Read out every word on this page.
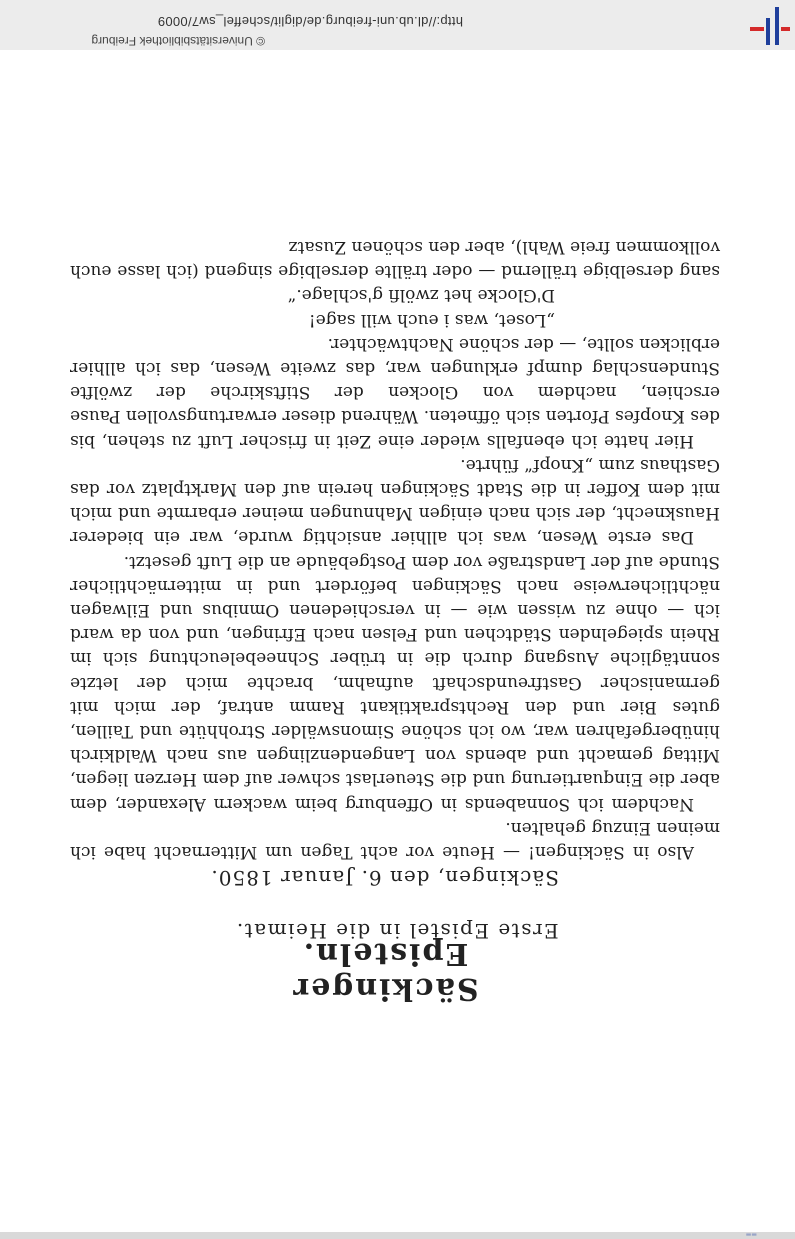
▬▬
© Universitätsbibliothek Freiburg
http://dl.ub.uni-freiburg.de/diglit/scheffel_sw7/0009
Säckinger Episteln.
Erste Epistel in die Heimat.
Säckingen, den 6. Januar 1850.

Also in Säckingen! — Heute vor acht Tagen um Mitternacht habe ich meinen Einzug gehalten.

Nachdem ich Sonnabends in Offenburg beim wackern Alexander, dem aber die Einquartierung und die Steuerlast schwer auf dem Herzen liegen, Mittag gemacht und abends von Langendenzlingen aus nach Waldkirch hinübergefahren war, wo ich schöne Simonswälder Strohhüte und Taillen, gutes Bier und den Rechtspraktikant Ramm antraf, der mich mit germanischer Gastfreundschaft aufnahm, brachte mich der letzte sonntägliche Ausgang durch die in trüber Schneebeleuchtung sich im Rhein spiegelnden Städtchen und Felsen nach Efringen, und von da ward ich — ohne zu wissen wie — in verschiedenen Omnibus und Eilwagen nächtlicherweise nach Säckingen befördert und in mitternächtlicher Stunde auf der Landstraße vor dem Postgebäude an die Luft gesetzt.

Das erste Wesen, was ich allhier ansichtig wurde, war ein biederer Hausknecht, der sich nach einigen Mahnungen meiner erbarmte und mich mit dem Koffer in die Stadt Säckingen herein auf den Marktplatz vor das Gasthaus zum „Knopf“ führte.

Hier hatte ich ebenfalls wieder eine Zeit in frischer Luft zu stehen, bis des Knopfes Pforten sich öffneten. Während dieser erwartungsvollen Pause erschien, nachdem von Glocken der Stiftskirche der zwölfte Stundenschlag dumpf erklungen war, das zweite Wesen, das ich allhier erblicken sollte, — der schöne Nachtwächter.

„Loset, was i euch will sage!

D'Glocke het zwölfi g'schlage.“

sang derselbige trällernd — oder trällte derselbige singend (ich lasse euch vollkommen freie Wahl), aber den schönen Zusatz
